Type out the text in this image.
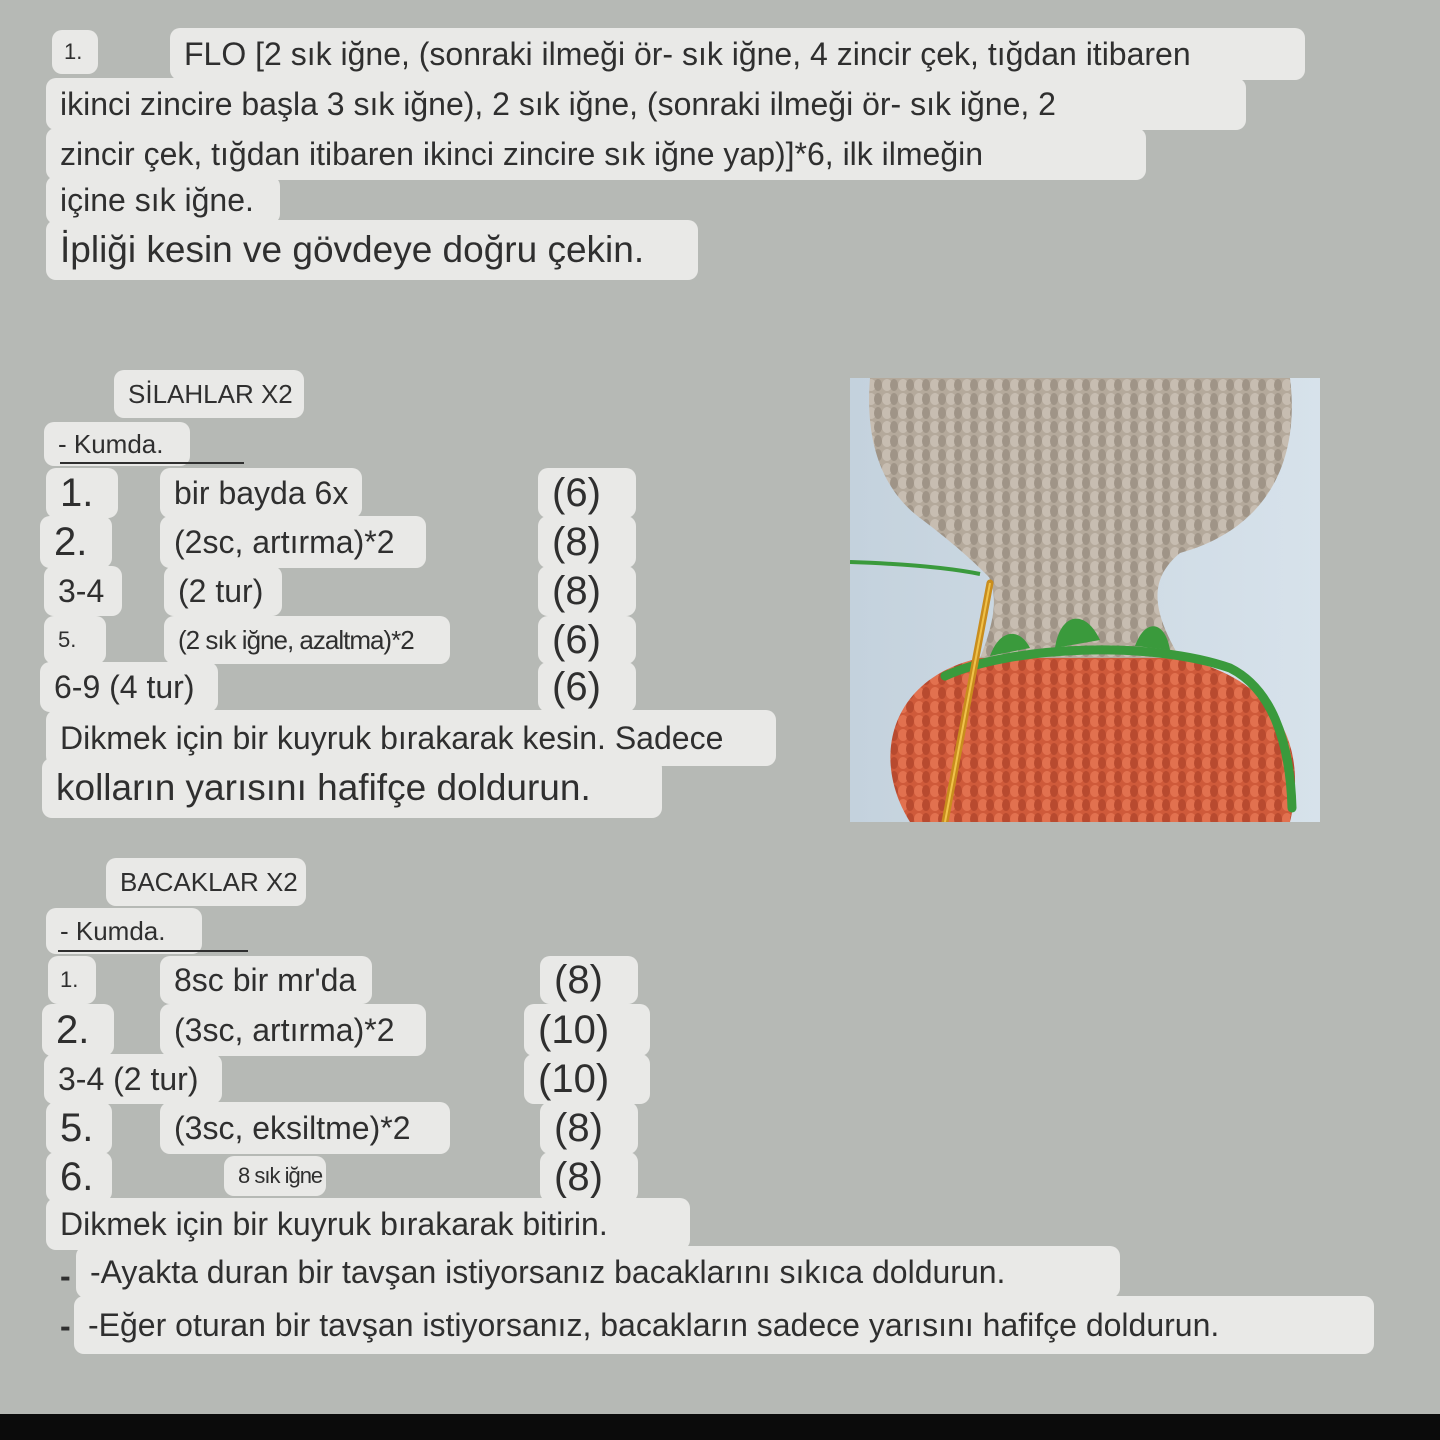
1.	FLO [2 sık iğne, (sonraki ilmeği ör- sık iğne, 4 zincir çek, tığdan itibaren
ikinci zincire başla 3 sık iğne), 2 sık iğne, (sonraki ilmeği ör- sık iğne, 2
zincir çek, tığdan itibaren ikinci zincire sık iğne yap)]*6, ilk ilmeğin
içine sık iğne.
İpliği kesin ve gövdeye doğru çekin.
SİLAHLAR X2
- Kumda.
1.	bir bayda 6x	(6)
2.	(2sc, artırma)*2	(8)
3-4 (2 tur)	(8)
5.	(2 sık iğne, azaltma)*2	(6)
6-9 (4 tur)	(6)
Dikmek için bir kuyruk bırakarak kesin. Sadece
kolların yarısını hafifçe doldurun.
BACAKLAR X2
- Kumda.
1.	8sc bir mr'da	(8)
2.	(3sc, artırma)*2	(10)
3-4 (2 tur)	(10)
5.	(3sc, eksiltme)*2	(8)
6.	8 sık iğne	(8)
Dikmek için bir kuyruk bırakarak bitirin.
- -Ayakta duran bir tavşan istiyorsanız bacaklarını sıkıca doldurun.
- -Eğer oturan bir tavşan istiyorsanız, bacakların sadece yarısını hafifçe doldurun.
